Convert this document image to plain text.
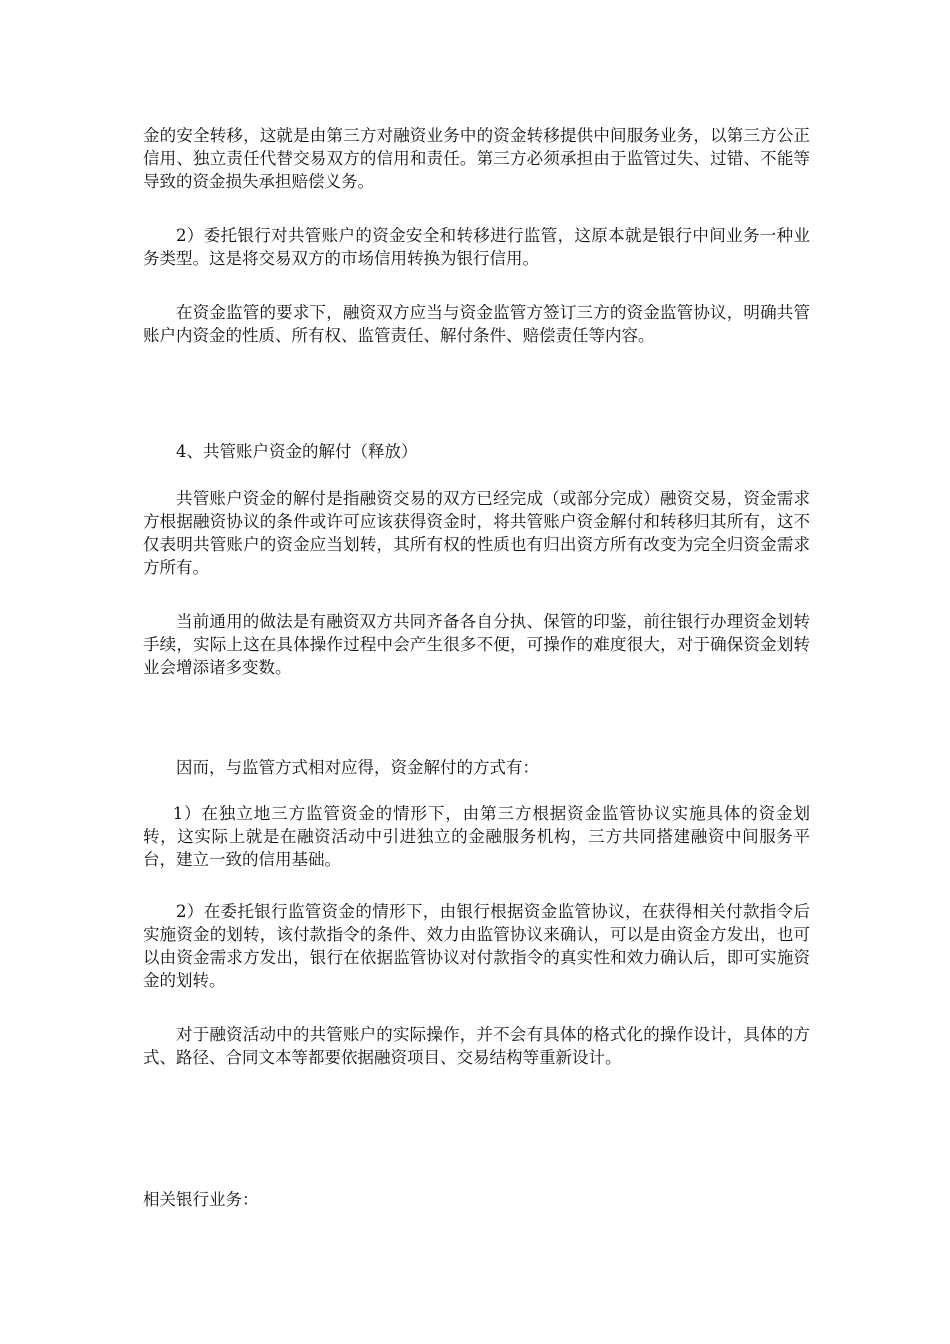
金的安全转移，这就是由第三方对融资业务中的资金转移提供中间服务业务，以第三方公正信用、独立责任代替交易双方的信用和责任。第三方必须承担由于监管过失、过错、不能等导致的资金损失承担赔偿义务。

2）委托银行对共管账户的资金安全和转移进行监管，这原本就是银行中间业务一种业务类型。这是将交易双方的市场信用转换为银行信用。

在资金监管的要求下，融资双方应当与资金监管方签订三方的资金监管协议，明确共管账户内资金的性质、所有权、监管责任、解付条件、赔偿责任等内容。

4、共管账户资金的解付（释放）

共管账户资金的解付是指融资交易的双方已经完成（或部分完成）融资交易，资金需求方根据融资协议的条件或许可应该获得资金时，将共管账户资金解付和转移归其所有，这不仅表明共管账户的资金应当划转，其所有权的性质也有归出资方所有改变为完全归资金需求方所有。

当前通用的做法是有融资双方共同齐备各自分执、保管的印鉴，前往银行办理资金划转手续，实际上这在具体操作过程中会产生很多不便，可操作的难度很大，对于确保资金划转业会增添诸多变数。

因而，与监管方式相对应得，资金解付的方式有：

1）在独立地三方监管资金的情形下，由第三方根据资金监管协议实施具体的资金划转，这实际上就是在融资活动中引进独立的金融服务机构，三方共同搭建融资中间服务平台，建立一致的信用基础。

2）在委托银行监管资金的情形下，由银行根据资金监管协议，在获得相关付款指令后实施资金的划转，该付款指令的条件、效力由监管协议来确认，可以是由资金方发出，也可以由资金需求方发出，银行在依据监管协议对付款指令的真实性和效力确认后，即可实施资金的划转。

对于融资活动中的共管账户的实际操作，并不会有具体的格式化的操作设计，具体的方式、路径、合同文本等都要依据融资项目、交易结构等重新设计。

相关银行业务：
